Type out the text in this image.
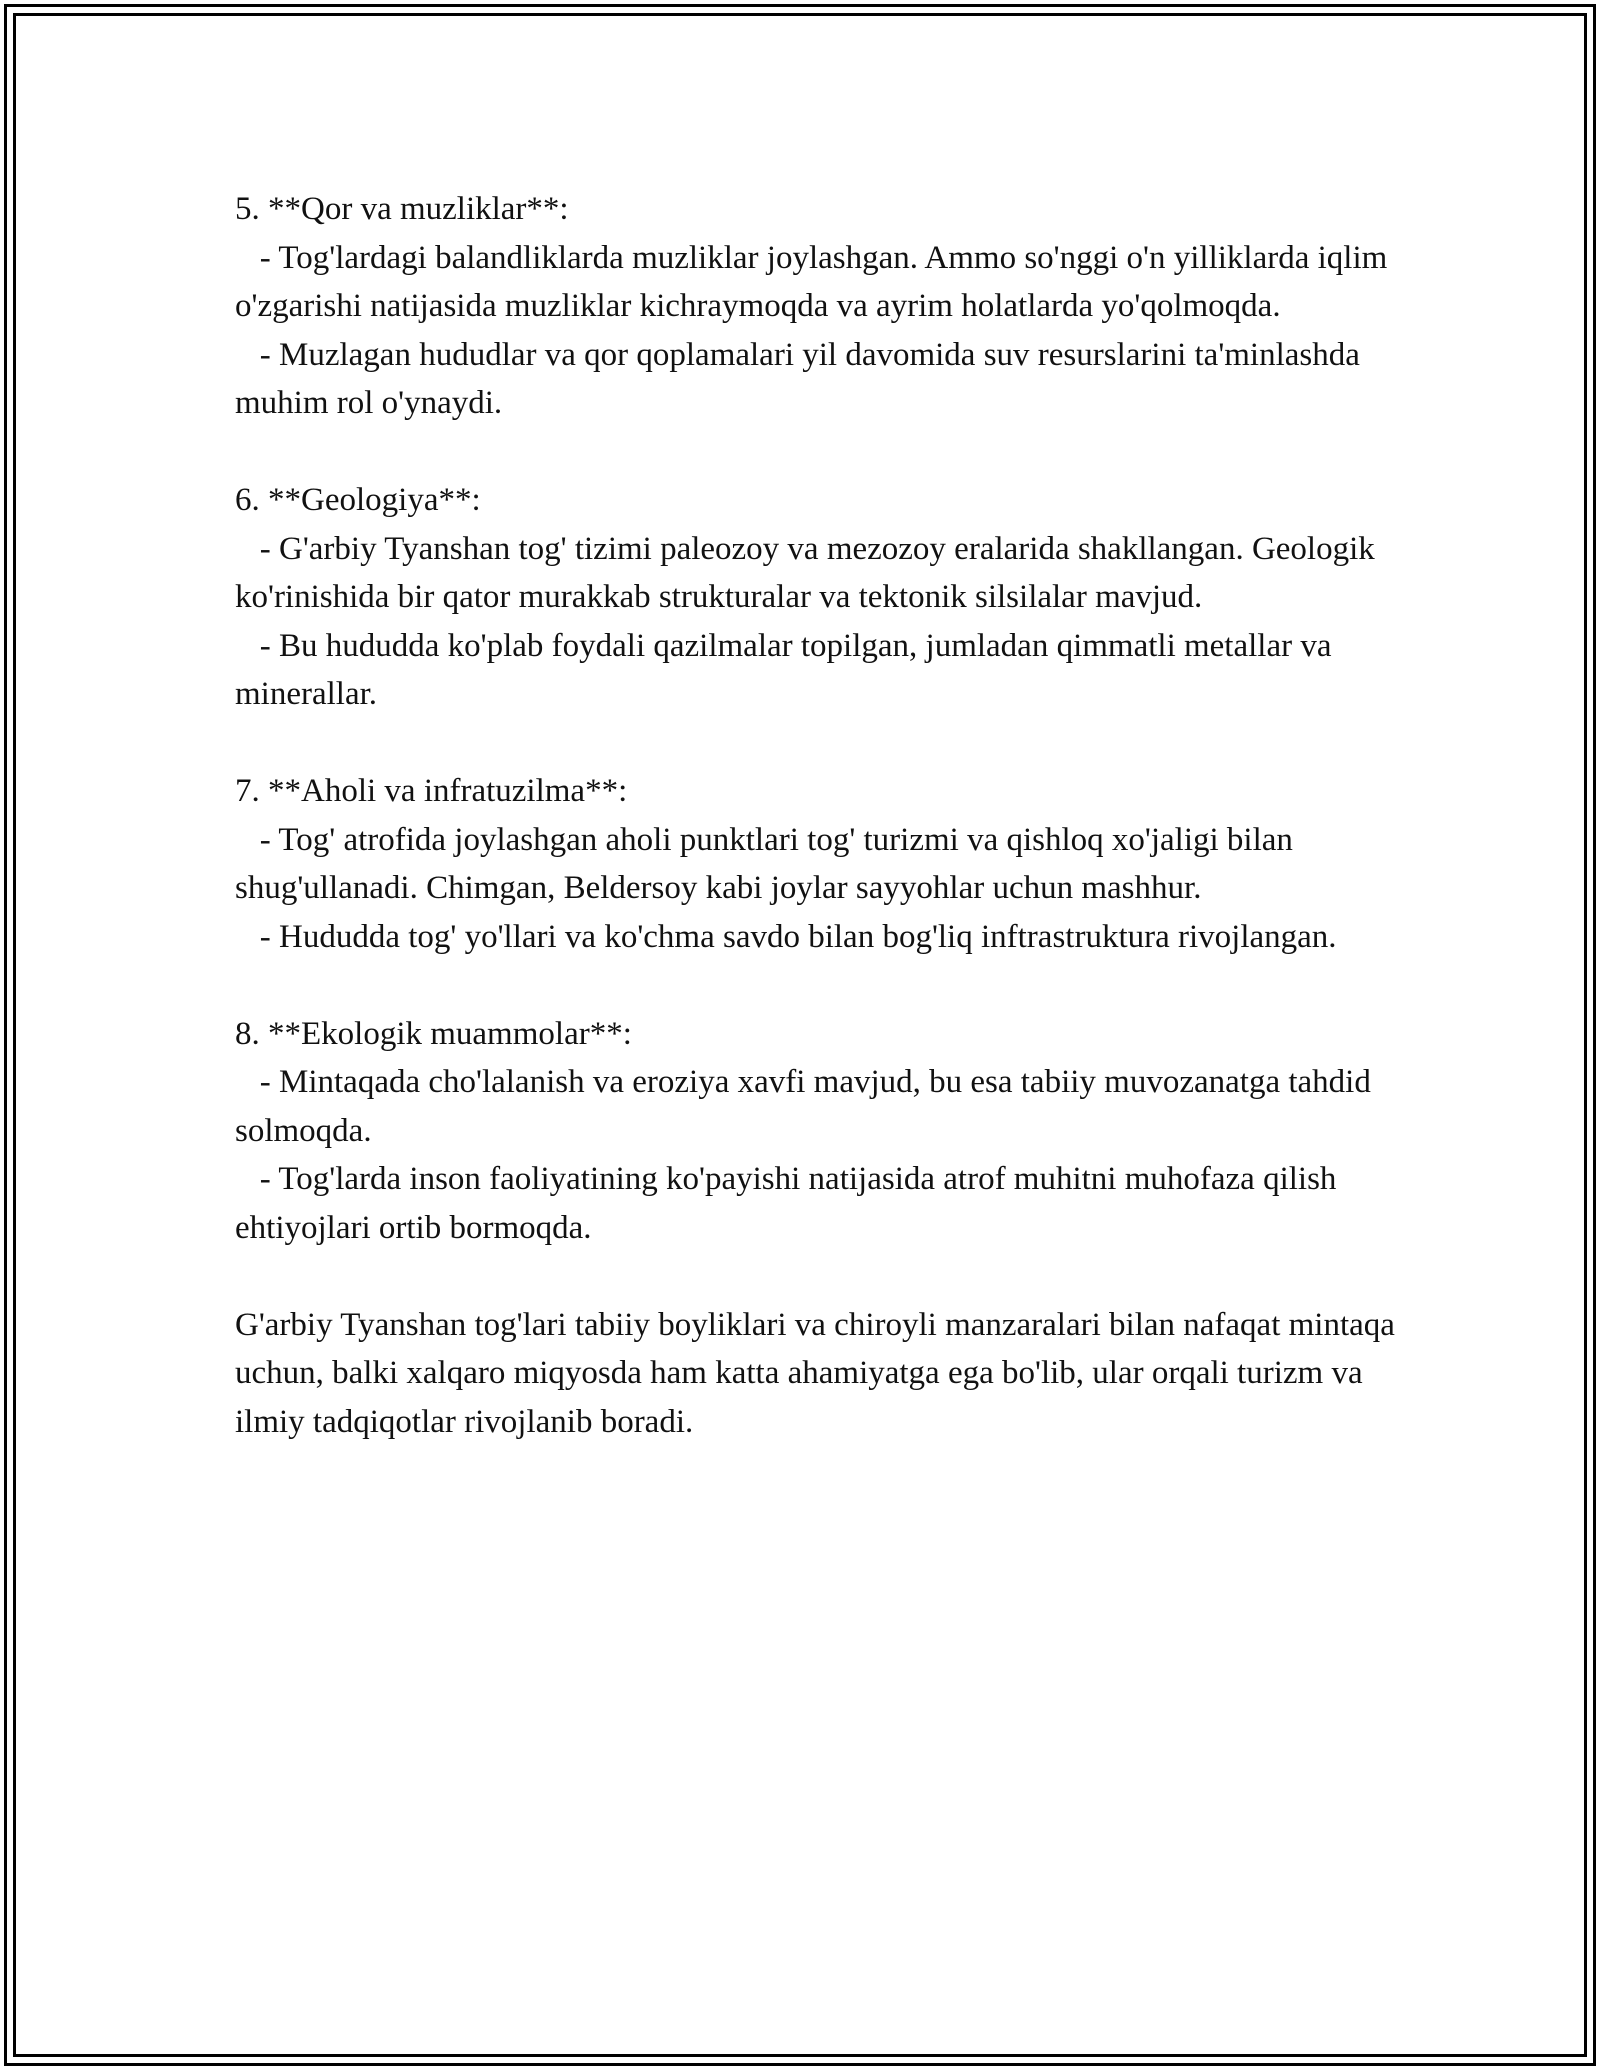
5. **Qor va muzliklar**:

- Tog'lardagi balandliklarda muzliklar joylashgan. Ammo so'nggi o'n yilliklarda iqlim o'zgarishi natijasida muzliklar kichraymoqda va ayrim holatlarda yo'qolmoqda.

- Muzlagan hududlar va qor qoplamalari yil davomida suv resurslarini ta'minlashda muhim rol o'ynaydi.

6. **Geologiya**:

- G'arbiy Tyanshan tog' tizimi paleozoy va mezozoy eralarida shakllangan. Geologik ko'rinishida bir qator murakkab strukturalar va tektonik silsilalar mavjud.

- Bu hududda ko'plab foydali qazilmalar topilgan, jumladan qimmatli metallar va minerallar.

7. **Aholi va infratuzilma**:

- Tog' atrofida joylashgan aholi punktlari tog' turizmi va qishloq xo'jaligi bilan shug'ullanadi. Chimgan, Beldersoy kabi joylar sayyohlar uchun mashhur.

- Hududda tog' yo'llari va ko'chma savdo bilan bog'liq inftrastruktura rivojlangan.

8. **Ekologik muammolar**:

- Mintaqada cho'lalanish va eroziya xavfi mavjud, bu esa tabiiy muvozanatga tahdid solmoqda.

- Tog'larda inson faoliyatining ko'payishi natijasida atrof muhitni muhofaza qilish ehtiyojlari ortib bormoqda.

G'arbiy Tyanshan tog'lari tabiiy boyliklari va chiroyli manzaralari bilan nafaqat mintaqa uchun, balki xalqaro miqyosda ham katta ahamiyatga ega bo'lib, ular orqali turizm va ilmiy tadqiqotlar rivojlanib boradi.
